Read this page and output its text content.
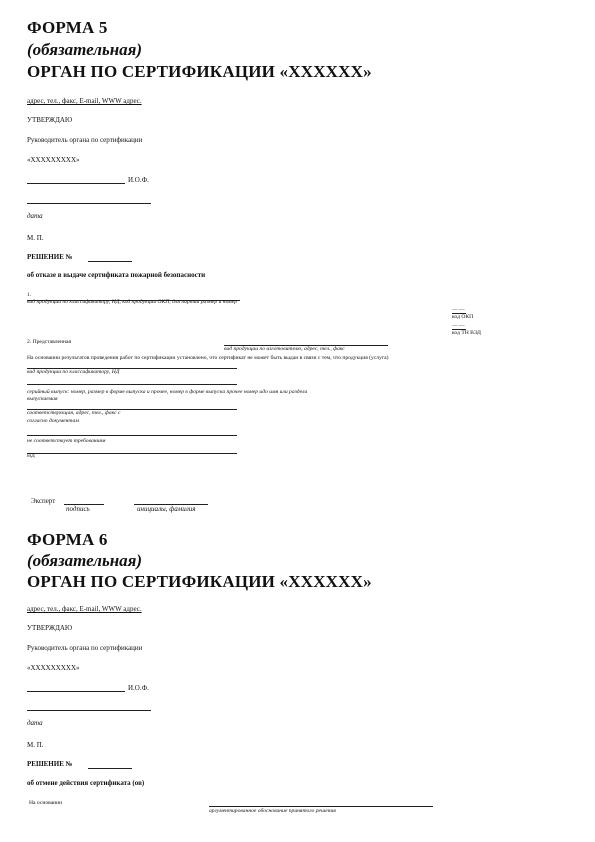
ФОРМА 5
(обязательная)
ОРГАН ПО СЕРТИФИКАЦИИ «XXXXXX»
адрес, тел., факс, E-mail, WWW адрес.
УТВЕРЖДАЮ
Руководитель органа по сертификации
«XXXXXXXXX»
И.О.Ф.
дата
М. П.
РЕШЕНИЕ №
об отказе в выдаче сертификата пожарной безопасности
1.
вид продукции по классификатору, НД, код продукции ОКП, для партии размер и номер
— —
код ОКП
— —
код ТН ВЭД
2. Представленная
вид продукции по изготовителю, адрес, тел., факс
На основании результатов проведения работ по сертификации установлено, что сертификат не может быть выдан в связи с тем, что продукция (услуга)
вид продукции по классификатору, НД
серийный выпуск: номер, размер в форме выпуска и прочее, номер в форме выпуска прочее номер идо имя или раздела
выпускаемая
соответствующая, адрес, тел., факс с
согласно документам
не соответствует требованиям
НД
Эксперт
подпись	инициалы, фамилия
ФОРМА 6
(обязательная)
ОРГАН ПО СЕРТИФИКАЦИИ «XXXXXX»
адрес, тел., факс, E-mail, WWW адрес.
УТВЕРЖДАЮ
Руководитель органа по сертификации
«XXXXXXXXX»
И.О.Ф.
дата
М. П.
РЕШЕНИЕ №
об отмене действия сертификата (ов)
На основании
аргументированное обоснование принятого решения
